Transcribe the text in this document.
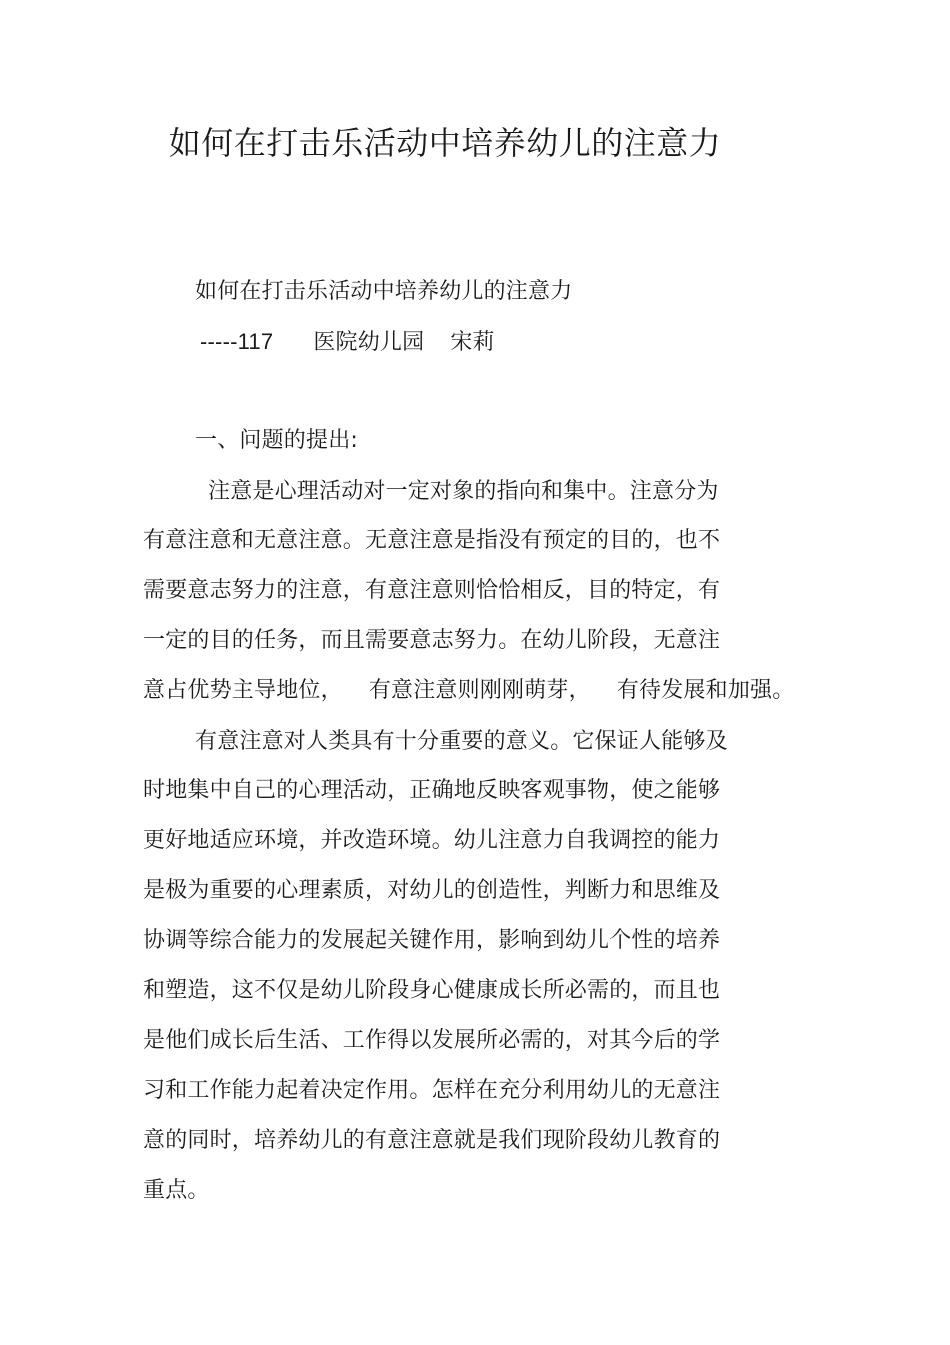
如何在打击乐活动中培养幼儿的注意力
如何在打击乐活动中培养幼儿的注意力
-----117 医院幼儿园 宋莉
一、问题的提出:
注意是心理活动对一定对象的指向和集中。注意分为
有意注意和无意注意。无意注意是指没有预定的目的，也不
需要意志努力的注意，有意注意则恰恰相反，目的特定，有
一定的目的任务，而且需要意志努力。在幼儿阶段，无意注
意占优势主导地位， 有意注意则刚刚萌芽， 有待发展和加强。
有意注意对人类具有十分重要的意义。它保证人能够及
时地集中自己的心理活动，正确地反映客观事物，使之能够
更好地适应环境，并改造环境。幼儿注意力自我调控的能力
是极为重要的心理素质，对幼儿的创造性，判断力和思维及
协调等综合能力的发展起关键作用，影响到幼儿个性的培养
和塑造，这不仅是幼儿阶段身心健康成长所必需的，而且也
是他们成长后生活、工作得以发展所必需的，对其今后的学
习和工作能力起着决定作用。怎样在充分利用幼儿的无意注
意的同时，培养幼儿的有意注意就是我们现阶段幼儿教育的
重点。
